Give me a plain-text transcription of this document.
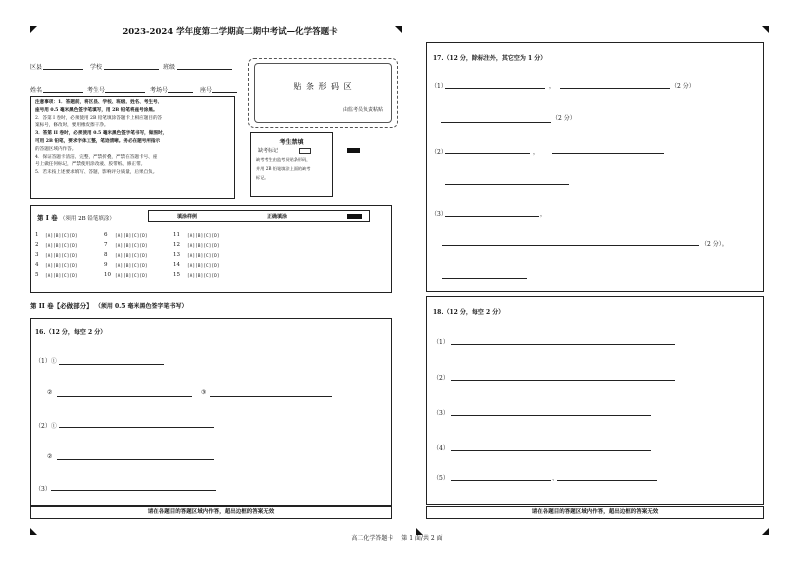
2023-2024 学年度第二学期高二期中考试—化学答题卡
区县	学校	班级
姓名	考生号	考场号	座号
注意事项：1．答题前，将区县、学校、班级、姓名、考生号、
座号用 0.5 毫米黑色签字笔填写，用 2B 铅笔将座号涂黑。
2．答第 I 卷时，必须使用 2B 铅笔填涂答题卡上相应题目的答
案标号，修改时，要用橡皮擦干净。
3．答第 II 卷时，必须使用 0.5 毫米黑色签字笔书写，做图时，
可用 2B 铅笔，要求字体工整，笔迹清晰。务必在题号所指示
的答题区域内作答。
4．保证答题卡清洁、完整，严禁折叠，严禁在答题卡号、座
号上做任何标记，严禁使用涂改液、胶带纸、修正带。
5．若未按上述要求填写、答题，影响评分质量，后果自负。
贴 条 形 码 区
由监考员负责粘贴
考生禁填
缺考标记
缺考考生由监考员贴条形码，
并用 2B 铅笔填涂上面的缺考
标记。
第 I 卷 （须用 2B 铅笔填涂）	填涂样例	正确填涂
1 [A][B][C][D]
2 [A][B][C][D]
3 [A][B][C][D]
4 [A][B][C][D]
5 [A][B][C][D]
6 [A][B][C][D]
7 [A][B][C][D]
8 [A][B][C][D]
9 [A][B][C][D]
10 [A][B][C][D]
11 [A][B][C][D]
12 [A][B][C][D]
13 [A][B][C][D]
14 [A][B][C][D]
15 [A][B][C][D]
第 II 卷【必做部分】 （须用 0.5 毫米黑色签字笔书写）
16.（12 分，每空 2 分）
（1）①
②	③
（2）①
②
（3）
请在各题目的答题区域内作答，超出边框的答案无效
17.（12 分，除标注外，其它空为 1 分）
（1）	，	（2 分）
（2 分）
（2）	，
（3）	，
（2 分）。
18.（12 分，每空 2 分）
（1）
（2）
（3）
（4）
（5）	、
请在各题目的答题区域内作答，超出边框的答案无效
高二化学答题卡　 第 1 面/共 2 面
